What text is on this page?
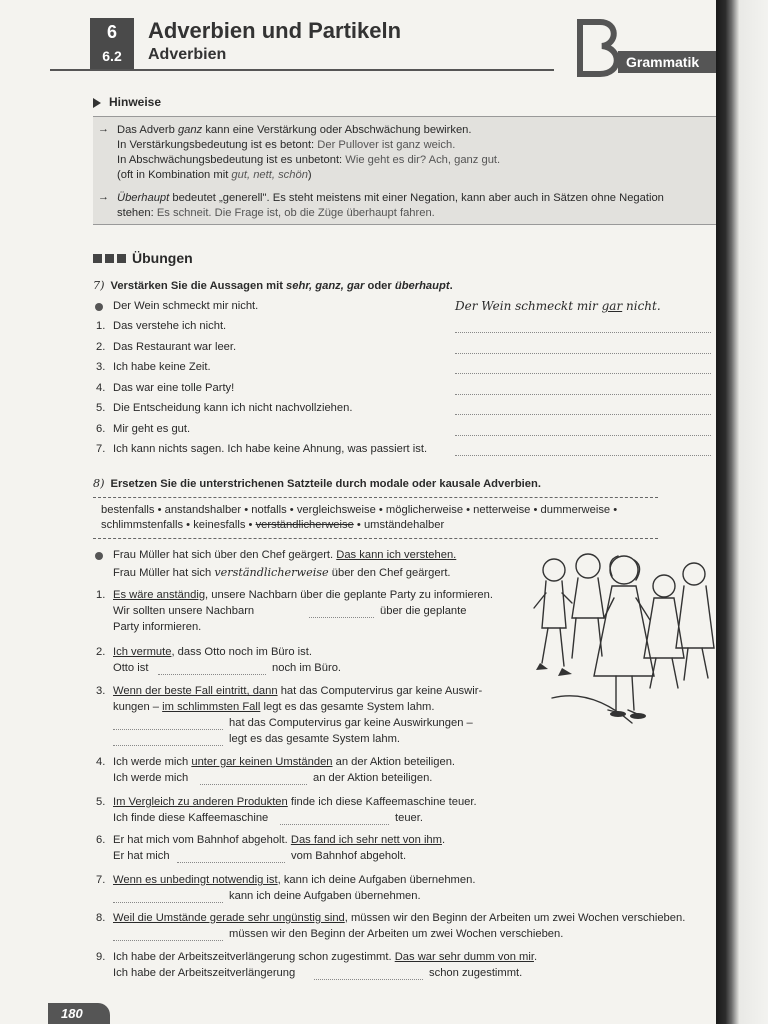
6
6.2
Adverbien und Partikeln
Adverbien
B
Grammatik
Hinweise
→ Das Adverb ganz kann eine Verstärkung oder Abschwächung bewirken.
In Verstärkungsbedeutung ist es betont: Der Pullover ist ganz weich.
In Abschwächungsbedeutung ist es unbetont: Wie geht es dir? Ach, ganz gut.
(oft in Kombination mit gut, nett, schön)
→ Überhaupt bedeutet „generell". Es steht meistens mit einer Negation, kann aber auch in Sätzen ohne Negation
stehen: Es schneit. Die Frage ist, ob die Züge überhaupt fahren.
Übungen
7) Verstärken Sie die Aussagen mit sehr, ganz, gar oder überhaupt.
Der Wein schmeckt mir nicht.	Der Wein schmeckt mir gar nicht.
1. Das verstehe ich nicht.
2. Das Restaurant war leer.
3. Ich habe keine Zeit.
4. Das war eine tolle Party!
5. Die Entscheidung kann ich nicht nachvollziehen.
6. Mir geht es gut.
7. Ich kann nichts sagen. Ich habe keine Ahnung, was passiert ist.
8) Ersetzen Sie die unterstrichenen Satzteile durch modale oder kausale Adverbien.
bestenfalls • anstandshalber • notfalls • vergleichsweise • möglicherweise • netterweise • dummerweise •
schlimmstenfalls • keinesfalls • verständlicherweise • umständehalber
Frau Müller hat sich über den Chef geärgert. Das kann ich verstehen.
Frau Müller hat sich verständlicherweise über den Chef geärgert.
1. Es wäre anständig, unsere Nachbarn über die geplante Party zu informieren.
Wir sollten unsere Nachbarn	über die geplante
Party informieren.
2. Ich vermute, dass Otto noch im Büro ist.
Otto ist	noch im Büro.
3. Wenn der beste Fall eintritt, dann hat das Computervirus gar keine Auswir-
kungen – im schlimmsten Fall legt es das gesamte System lahm.
hat das Computervirus gar keine Auswirkungen –
legt es das gesamte System lahm.
4. Ich werde mich unter gar keinen Umständen an der Aktion beteiligen.
Ich werde mich	an der Aktion beteiligen.
5. Im Vergleich zu anderen Produkten finde ich diese Kaffeemaschine teuer.
Ich finde diese Kaffeemaschine	teuer.
6. Er hat mich vom Bahnhof abgeholt. Das fand ich sehr nett von ihm.
Er hat mich	vom Bahnhof abgeholt.
7. Wenn es unbedingt notwendig ist, kann ich deine Aufgaben übernehmen.
kann ich deine Aufgaben übernehmen.
8. Weil die Umstände gerade sehr ungünstig sind, müssen wir den Beginn der Arbeiten um zwei Wochen verschieben.
müssen wir den Beginn der Arbeiten um zwei Wochen verschieben.
9. Ich habe der Arbeitszeitverlängerung schon zugestimmt. Das war sehr dumm von mir.
Ich habe der Arbeitszeitverlängerung	schon zugestimmt.
180
